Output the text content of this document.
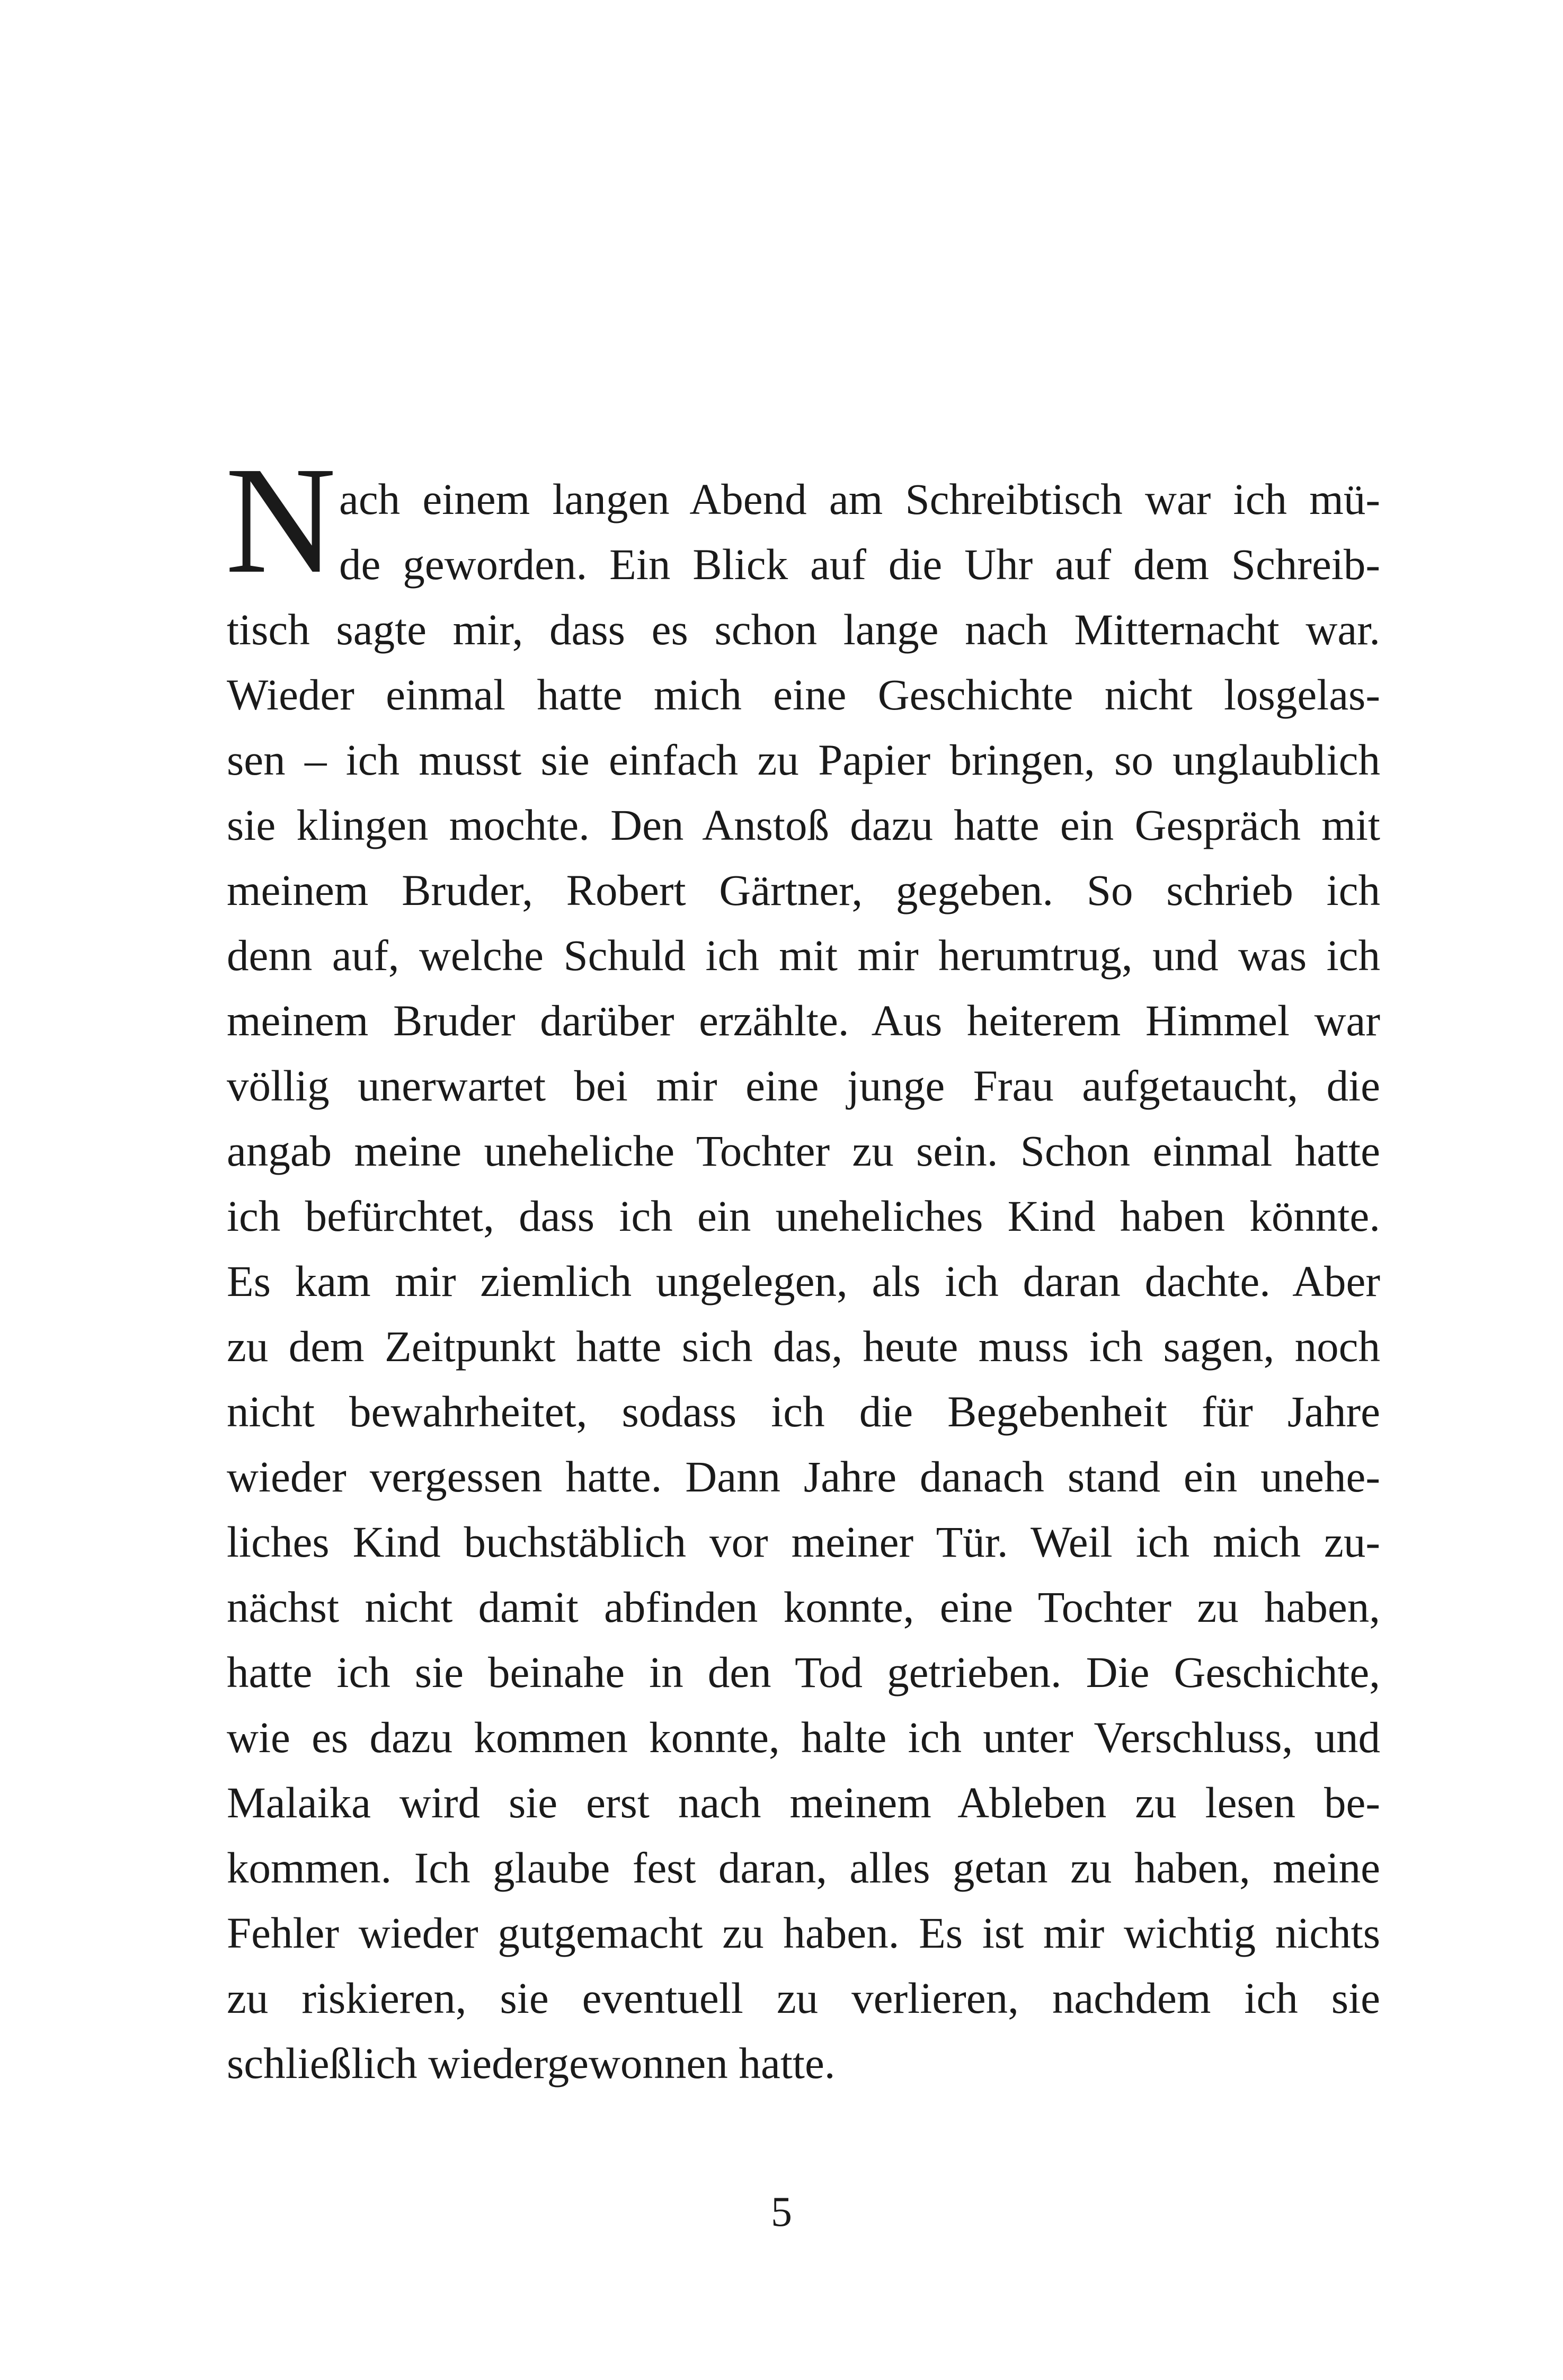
N ach einem langen Abend am Schreibtisch war ich mü-
de geworden. Ein Blick auf die Uhr auf dem Schreib-
tisch sagte mir, dass es schon lange nach Mitternacht war.
Wieder einmal hatte mich eine Geschichte nicht losgelas-
sen – ich musst sie einfach zu Papier bringen, so unglaublich
sie klingen mochte. Den Anstoß dazu hatte ein Gespräch mit
meinem Bruder, Robert Gärtner, gegeben. So schrieb ich
denn auf, welche Schuld ich mit mir herumtrug, und was ich
meinem Bruder darüber erzählte. Aus heiterem Himmel war
völlig unerwartet bei mir eine junge Frau aufgetaucht, die
angab meine uneheliche Tochter zu sein. Schon einmal hatte
ich befürchtet, dass ich ein uneheliches Kind haben könnte.
Es kam mir ziemlich ungelegen, als ich daran dachte. Aber
zu dem Zeitpunkt hatte sich das, heute muss ich sagen, noch
nicht bewahrheitet, sodass ich die Begebenheit für Jahre
wieder vergessen hatte. Dann Jahre danach stand ein unehe-
liches Kind buchstäblich vor meiner Tür. Weil ich mich zu-
nächst nicht damit abfinden konnte, eine Tochter zu haben,
hatte ich sie beinahe in den Tod getrieben. Die Geschichte,
wie es dazu kommen konnte, halte ich unter Verschluss, und
Malaika wird sie erst nach meinem Ableben zu lesen be-
kommen. Ich glaube fest daran, alles getan zu haben, meine
Fehler wieder gutgemacht zu haben. Es ist mir wichtig nichts
zu riskieren, sie eventuell zu verlieren, nachdem ich sie
schließlich wiedergewonnen hatte.
5
